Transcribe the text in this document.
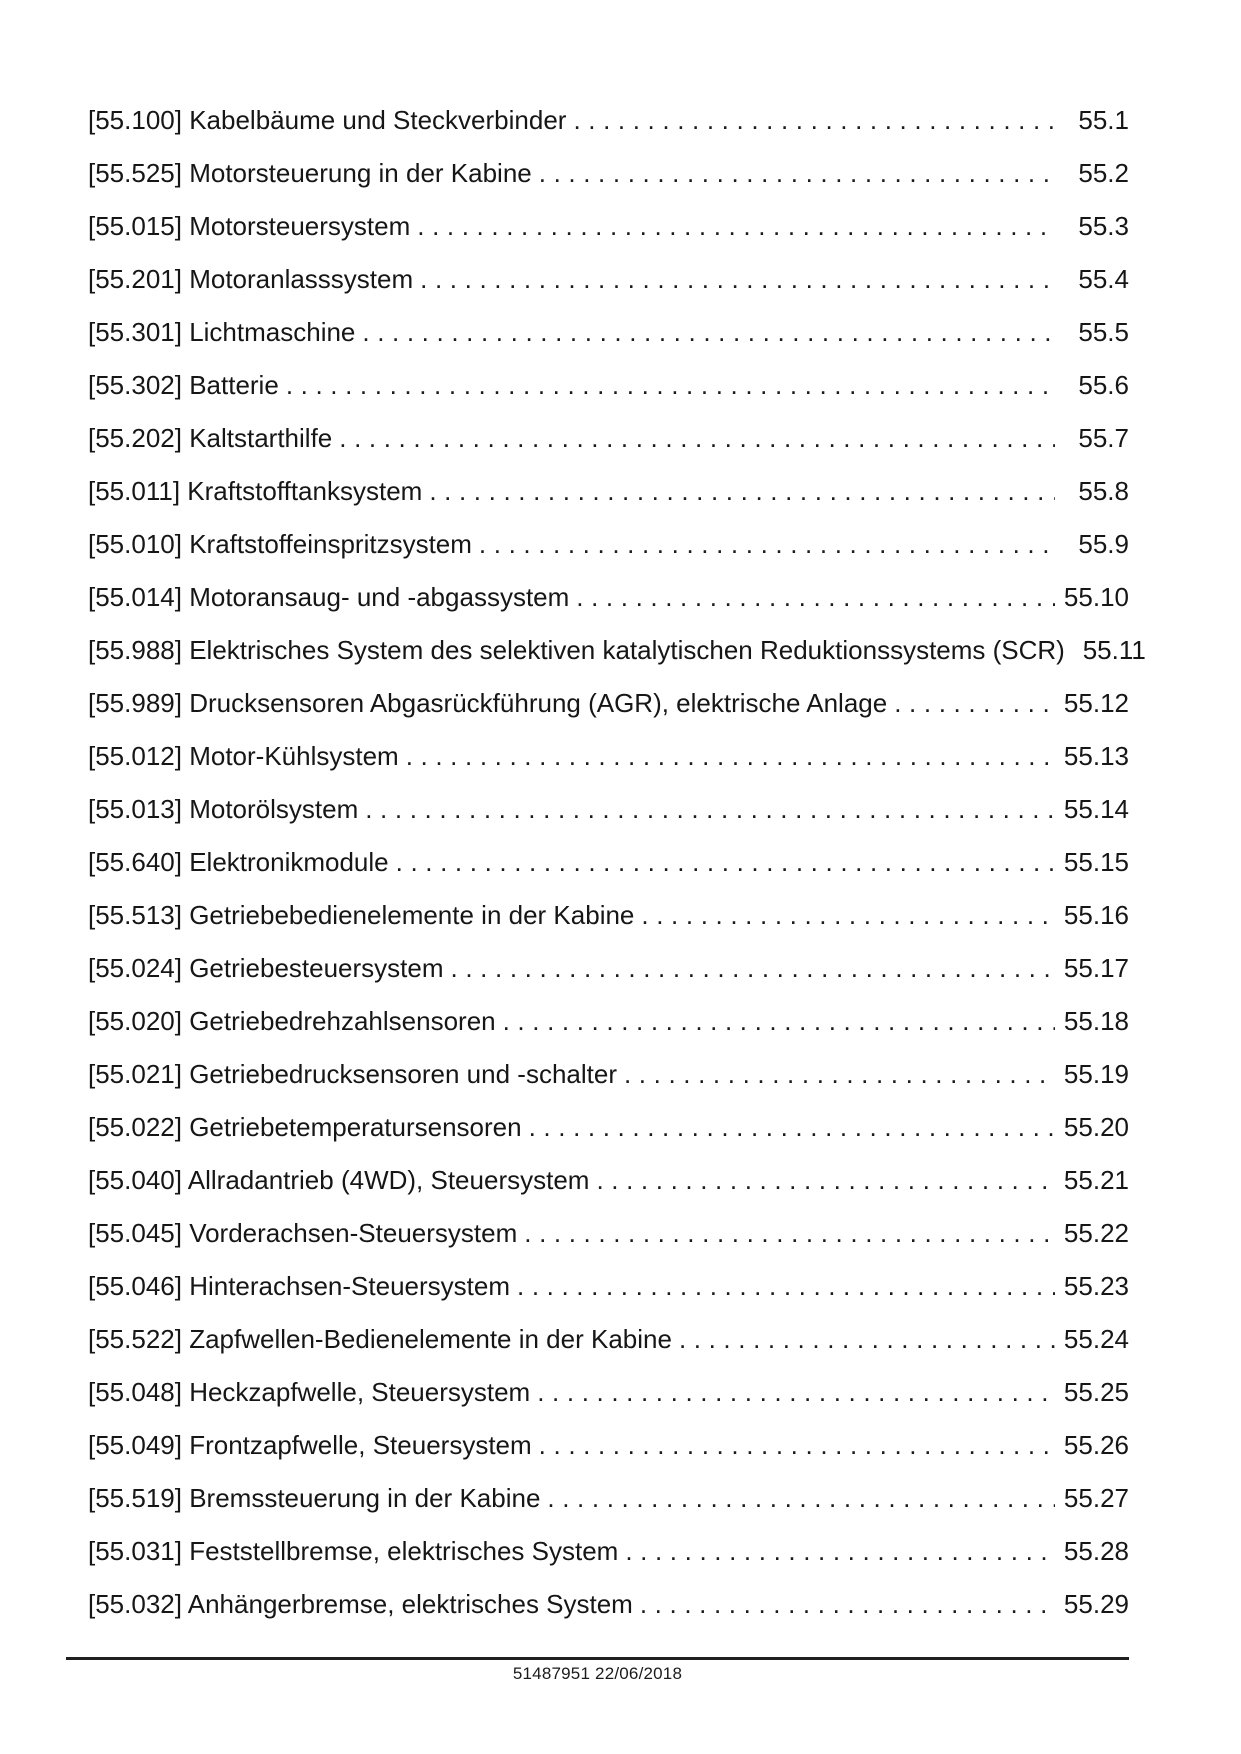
[55.100] Kabelbäume und Steckverbinder .....	55.1
[55.525] Motorsteuerung in der Kabine .....	55.2
[55.015] Motorsteuersystem .....	55.3
[55.201] Motoranlasssystem .....	55.4
[55.301] Lichtmaschine .....	55.5
[55.302] Batterie .....	55.6
[55.202] Kaltstarthilfe .....	55.7
[55.011] Kraftstofftanksystem .....	55.8
[55.010] Kraftstoffeinspritzsystem .....	55.9
[55.014] Motoransaug- und -abgassystem .....	55.10
[55.988] Elektrisches System des selektiven katalytischen Reduktionssystems (SCR) 55.11
[55.989] Drucksensoren Abgasrückführung (AGR), elektrische Anlage .....	55.12
[55.012] Motor-Kühlsystem .....	55.13
[55.013] Motorölsystem .....	55.14
[55.640] Elektronikmodule .....	55.15
[55.513] Getriebebedienelemente in der Kabine .....	55.16
[55.024] Getriebesteuersystem .....	55.17
[55.020] Getriebedrehzahlsensoren .....	55.18
[55.021] Getriebedrucksensoren und -schalter .....	55.19
[55.022] Getriebetemperatursensoren .....	55.20
[55.040] Allradantrieb (4WD), Steuersystem .....	55.21
[55.045] Vorderachsen-Steuersystem .....	55.22
[55.046] Hinterachsen-Steuersystem .....	55.23
[55.522] Zapfwellen-Bedienelemente in der Kabine .....	55.24
[55.048] Heckzapfwelle, Steuersystem .....	55.25
[55.049] Frontzapfwelle, Steuersystem .....	55.26
[55.519] Bremssteuerung in der Kabine .....	55.27
[55.031] Feststellbremse, elektrisches System .....	55.28
[55.032] Anhängerbremse, elektrisches System .....	55.29
51487951 22/06/2018
